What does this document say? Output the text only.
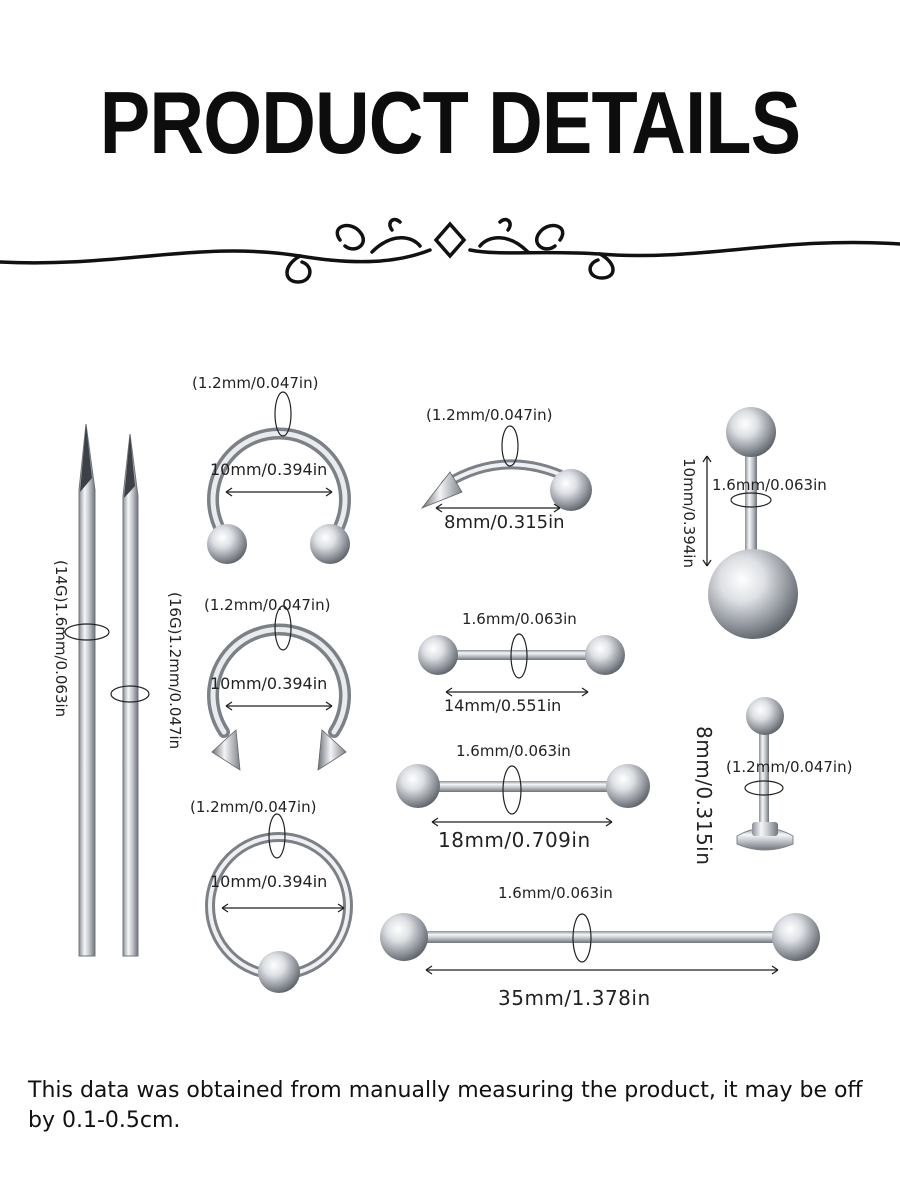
PRODUCT DETAILS
(14G)1.6mm/0.063in	(16G)1.2mm/0.047in
(1.2mm/0.047in)
10mm/0.394in
(1.2mm/0.047in)
10mm/0.394in
(1.2mm/0.047in)
10mm/0.394in
(1.2mm/0.047in)
8mm/0.315in
1.6mm/0.063in
14mm/0.551in
1.6mm/0.063in
18mm/0.709in
1.6mm/0.063in
35mm/1.378in
10mm/0.394in 1.6mm/0.063in
8mm/0.315in (1.2mm/0.047in)
This data was obtained from manually measuring the product, it may be off by 0.1-0.5cm.
